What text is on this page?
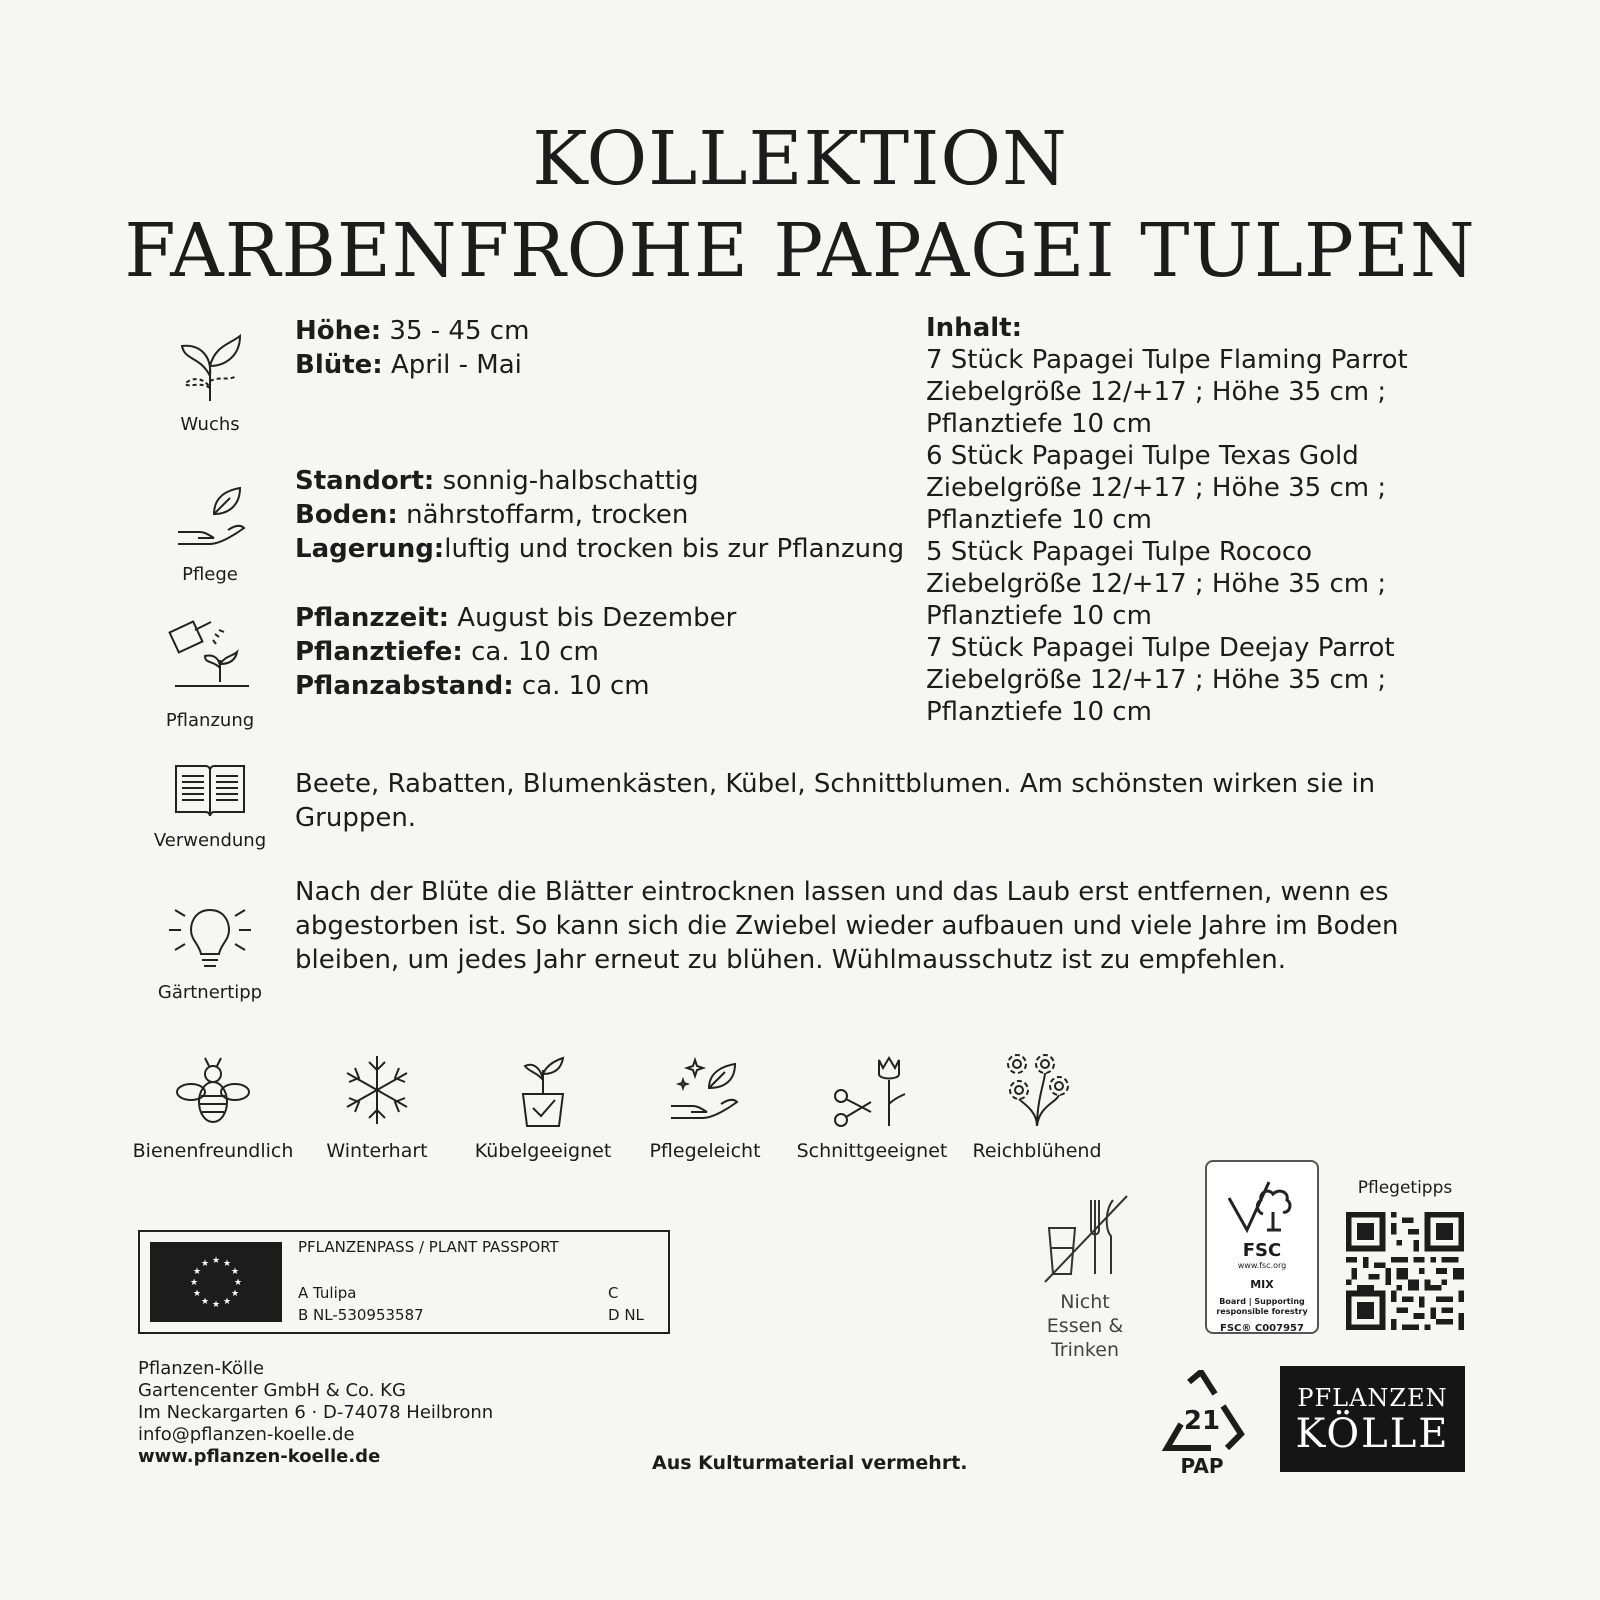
KOLLEKTION
FARBENFROHE PAPAGEI TULPEN
Wuchs
Höhe: 35 - 45 cm
Blüte: April - Mai
Pflege
Standort: sonnig-halbschattig
Boden: nährstoffarm, trocken
Lagerung:luftig und trocken bis zur Pflanzung
Pflanzung
Pflanzzeit: August bis Dezember
Pflanztiefe: ca. 10 cm
Pflanzabstand: ca. 10 cm
Inhalt:
7 Stück Papagei Tulpe Flaming Parrot
Ziebelgröße 12/+17 ; Höhe 35 cm ;
Pflanztiefe 10 cm
6 Stück Papagei Tulpe Texas Gold
Ziebelgröße 12/+17 ; Höhe 35 cm ;
Pflanztiefe 10 cm
5 Stück Papagei Tulpe Rococo
Ziebelgröße 12/+17 ; Höhe 35 cm ;
Pflanztiefe 10 cm
7 Stück Papagei Tulpe Deejay Parrot
Ziebelgröße 12/+17 ; Höhe 35 cm ;
Pflanztiefe 10 cm
Verwendung
Beete, Rabatten, Blumenkästen, Kübel, Schnittblumen. Am schönsten wirken sie in Gruppen.
Gärtnertipp
Nach der Blüte die Blätter eintrocknen lassen und das Laub erst entfernen, wenn es abgestorben ist. So kann sich die Zwiebel wieder aufbauen und viele Jahre im Boden bleiben, um jedes Jahr erneut zu blühen. Wühlmausschutz ist zu empfehlen.
Bienenfreundlich	Winterhart	Kübelgeeignet	Pflegeleicht	Schnittgeeignet	Reichblühend
★ ★
★
★
★
★
★
★
★
★
★
★
PFLANZENPASS / PLANT PASSPORT
A Tulipa
B NL-530953587
C
D NL
Pflanzen-Kölle
Gartencenter GmbH & Co. KG
Im Neckargarten 6 · D-74078 Heilbronn
info@pflanzen-koelle.de
www.pflanzen-koelle.de	Aus Kulturmaterial vermehrt.
Nicht
Essen & Trinken
FSC
www.fsc.org
MIX
Board | Supporting
responsible forestry
FSC® C007957
Pflegetipps
21
PAP
PFLANZEN
KÖLLE
